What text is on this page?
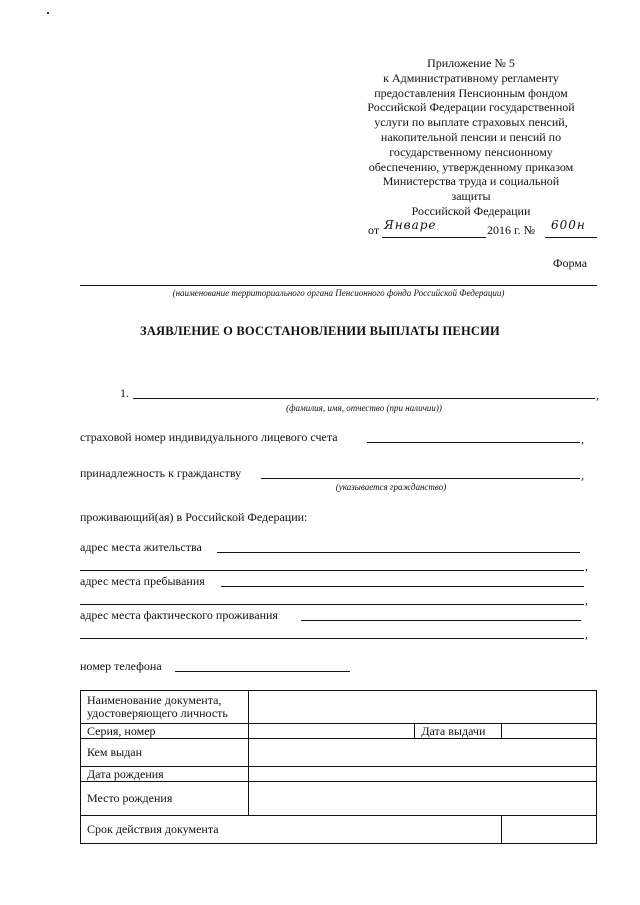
Приложение № 5
к Административному регламенту
предоставления Пенсионным фондом
Российской Федерации государственной
услуги по выплате страховых пенсий,
накопительной пенсии и пенсий по
государственному пенсионному
обеспечению, утвержденному приказом
Министерства труда и социальной
защиты
Российской Федерации
от Январе	2016 г. № 600н
Форма
(наименование территориального органа Пенсионного фонда Российской Федерации)
ЗАЯВЛЕНИЕ О ВОССТАНОВЛЕНИИ ВЫПЛАТЫ ПЕНСИИ
1.	,
(фамилия, имя, отчество (при наличии))
страховой номер индивидуального лицевого счета	,
принадлежность к гражданству	,
(указывается гражданство)
проживающий(ая) в Российской Федерации:
адрес места жительства
,
адрес места пребывания
,
адрес места фактического проживания
,
номер телефона
Наименование документа, удостоверяющего личность			
Серия, номер		Дата выдачи	
Кем выдан			
Дата рождения			
Место рождения			
Срок действия документа			
